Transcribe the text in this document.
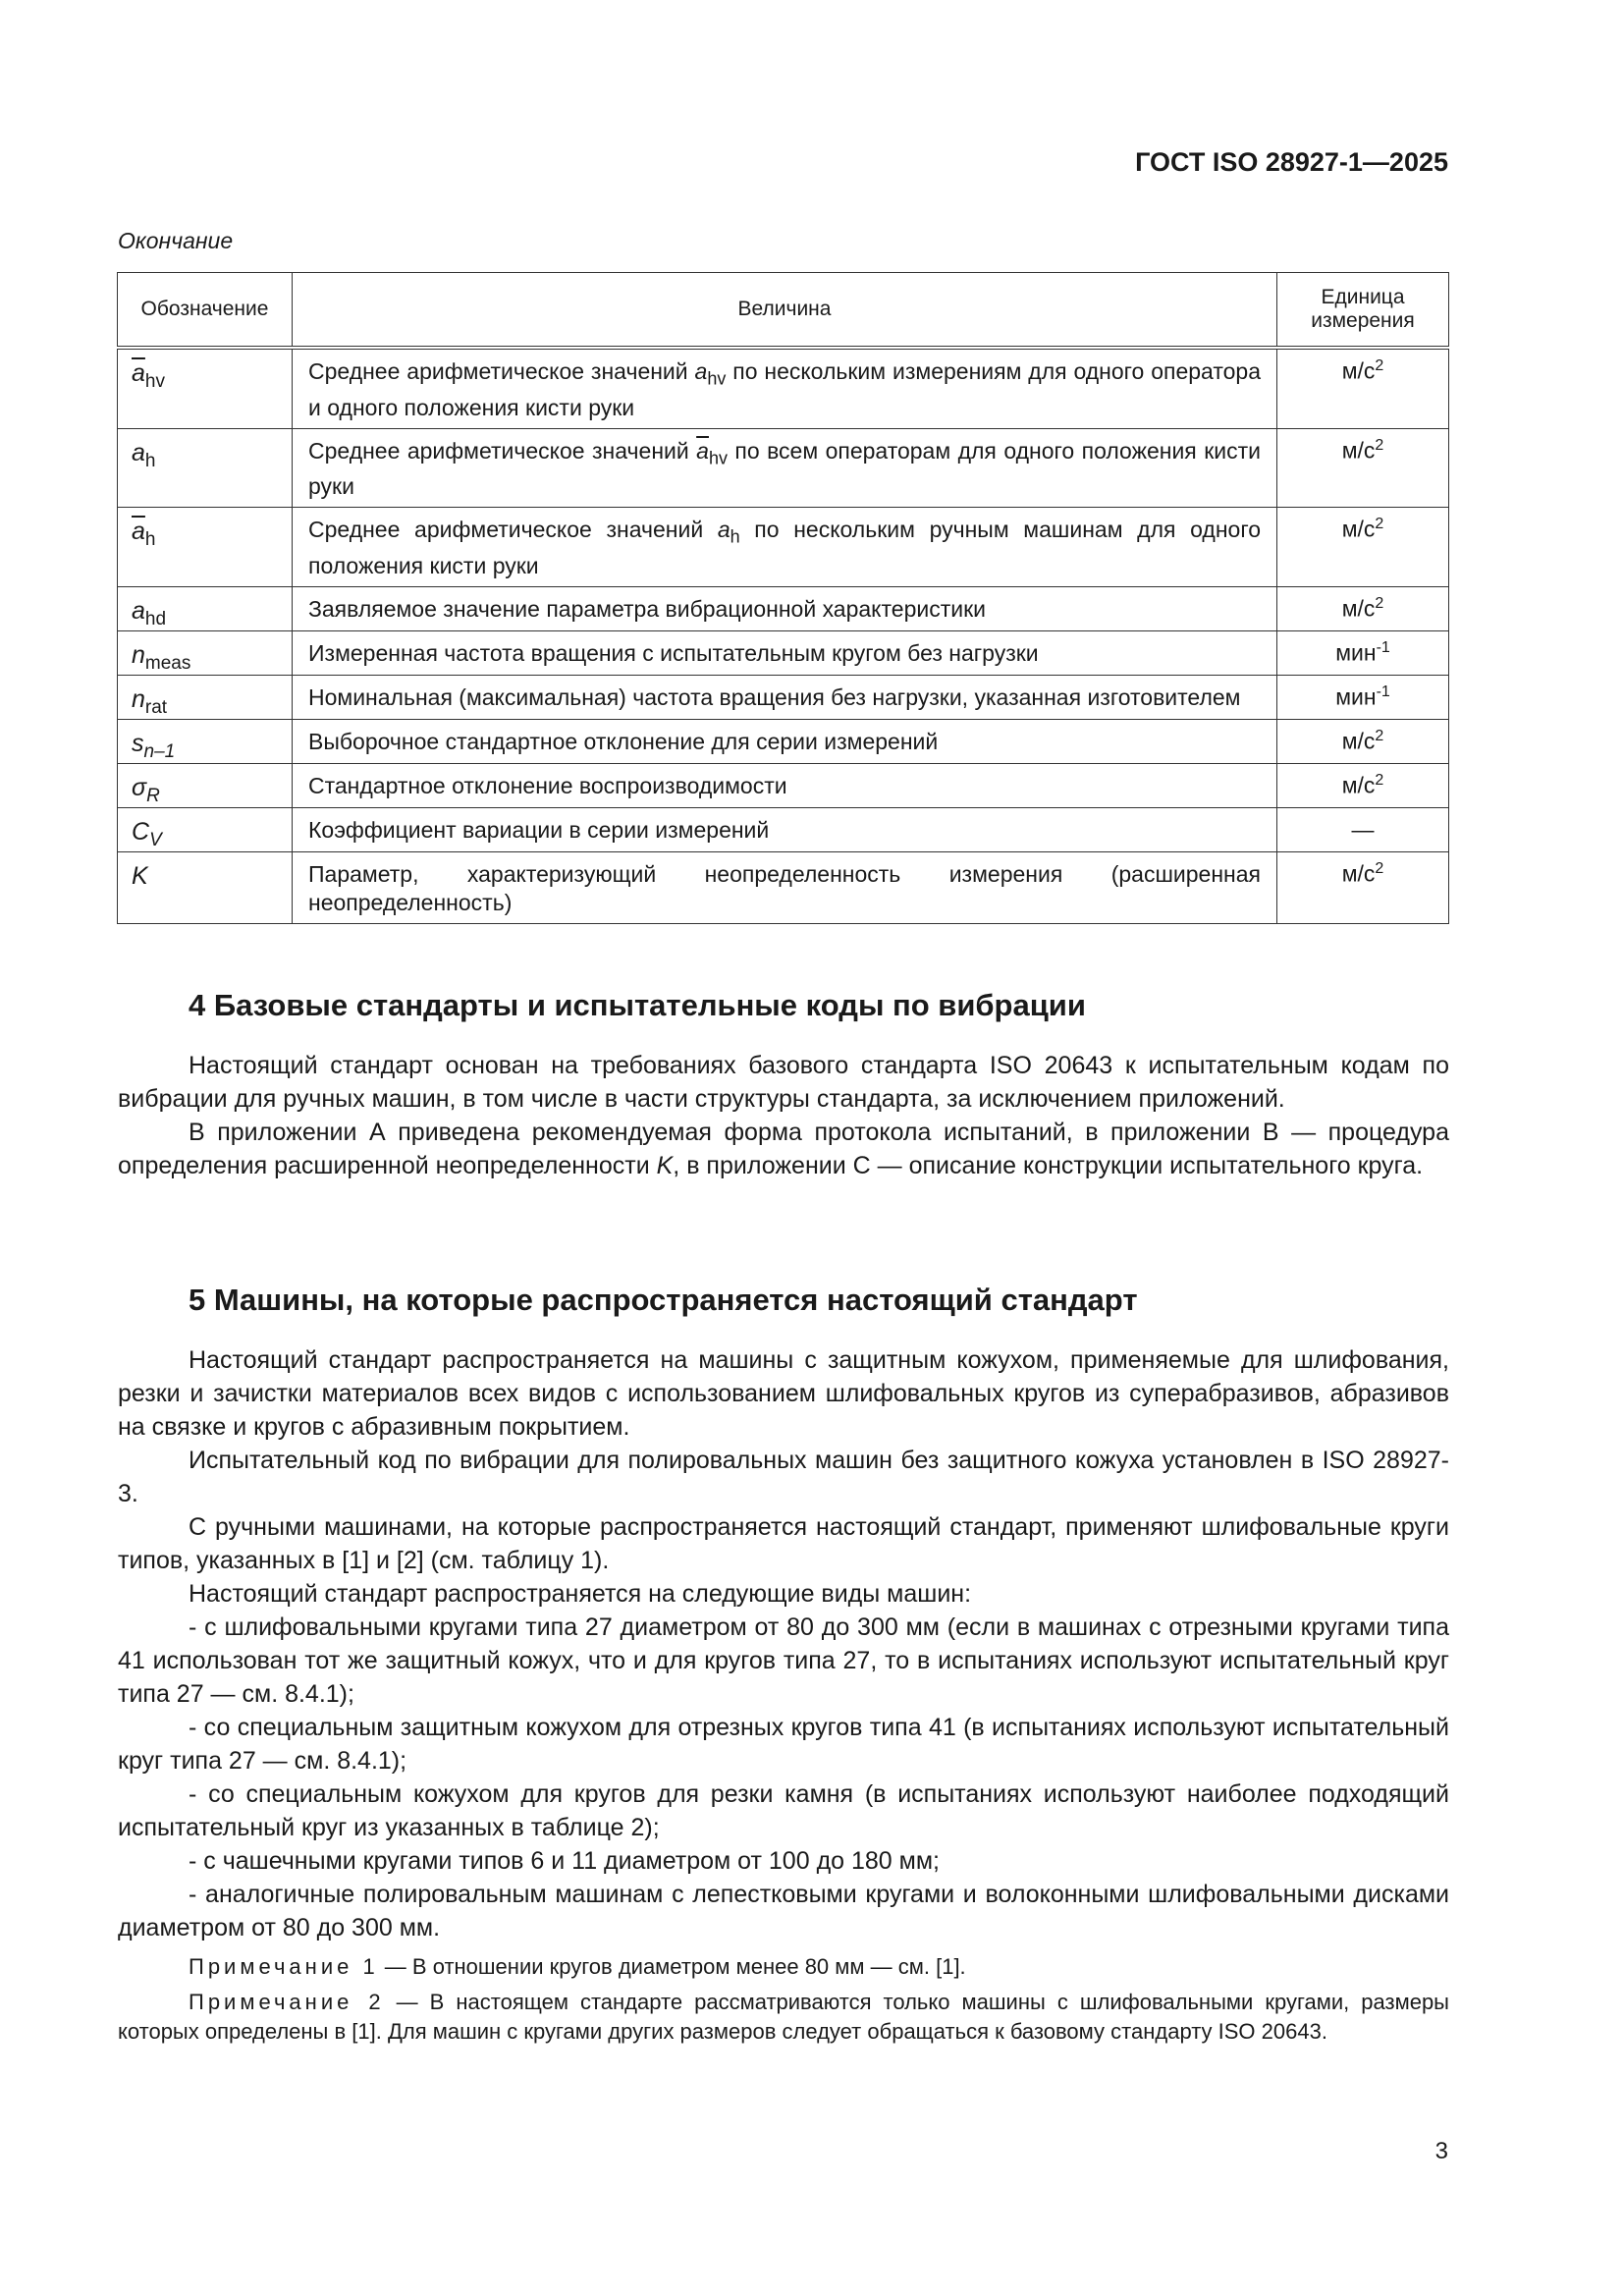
ГОСТ ISO 28927-1—2025
Окончание
Обозначение	Величина	Единица измерения
$\overline{a}_{hv}$	Среднее арифметическое значений $a_{hv}$ по нескольким измерениям для одного оператора и одного положения кисти руки	$м/с^2$
$a_h$	Среднее арифметическое значений $\overline{a}_{hv}$ по всем операторам для одного положения кисти руки	$м/с^2$
$\overline{a}_h$	Среднее арифметическое значений $a_h$ по нескольким ручным машинам для одного положения кисти руки	$м/с^2$
$a_{hd}$	Заявляемое значение параметра вибрационной характеристики	$м/с^2$
$n_{meas}$	Измеренная частота вращения с испытательным кругом без нагрузки	мин$^{-1}$
$n_{rat}$	Номинальная (максимальная) частота вращения без нагрузки, указанная изготовителем	мин$^{-1}$
$s_{n-1}$	Выборочное стандартное отклонение для серии измерений	$м/с^2$
$\sigma_R$	Стандартное отклонение воспроизводимости	$м/с^2$
$C_V$	Коэффициент вариации в серии измерений	—
K	Параметр, характеризующий неопределенность измерения (расширенная неопределенность)	$м/с^2$
4 Базовые стандарты и испытательные коды по вибрации

Настоящий стандарт основан на требованиях базового стандарта ISO 20643 к испытательным кодам по вибрации для ручных машин, в том числе в части структуры стандарта, за исключением приложений.

В приложении А приведена рекомендуемая форма протокола испытаний, в приложении В — процедура определения расширенной неопределенности K, в приложении С — описание конструкции испытательного круга.

5 Машины, на которые распространяется настоящий стандарт

Настоящий стандарт распространяется на машины с защитным кожухом, применяемые для шлифования, резки и зачистки материалов всех видов с использованием шлифовальных кругов из суперабразивов, абразивов на связке и кругов с абразивным покрытием.

Испытательный код по вибрации для полировальных машин без защитного кожуха установлен в ISO 28927-3.

С ручными машинами, на которые распространяется настоящий стандарт, применяют шлифовальные круги типов, указанных в [1] и [2] (см. таблицу 1).

Настоящий стандарт распространяется на следующие виды машин:

- с шлифовальными кругами типа 27 диаметром от 80 до 300 мм (если в машинах с отрезными кругами типа 41 использован тот же защитный кожух, что и для кругов типа 27, то в испытаниях используют испытательный круг типа 27 — см. 8.4.1);

- со специальным защитным кожухом для отрезных кругов типа 41 (в испытаниях используют испытательный круг типа 27 — см. 8.4.1);

- со специальным кожухом для кругов для резки камня (в испытаниях используют наиболее подходящий испытательный круг из указанных в таблице 2);

- с чашечными кругами типов 6 и 11 диаметром от 100 до 180 мм;

- аналогичные полировальным машинам с лепестковыми кругами и волоконными шлифовальными дисками диаметром от 80 до 300 мм.

Примечание 1 — В отношении кругов диаметром менее 80 мм — см. [1].

Примечание 2 — В настоящем стандарте рассматриваются только машины с шлифовальными кругами, размеры которых определены в [1]. Для машин с кругами других размеров следует обращаться к базовому стандарту ISO 20643.

3
